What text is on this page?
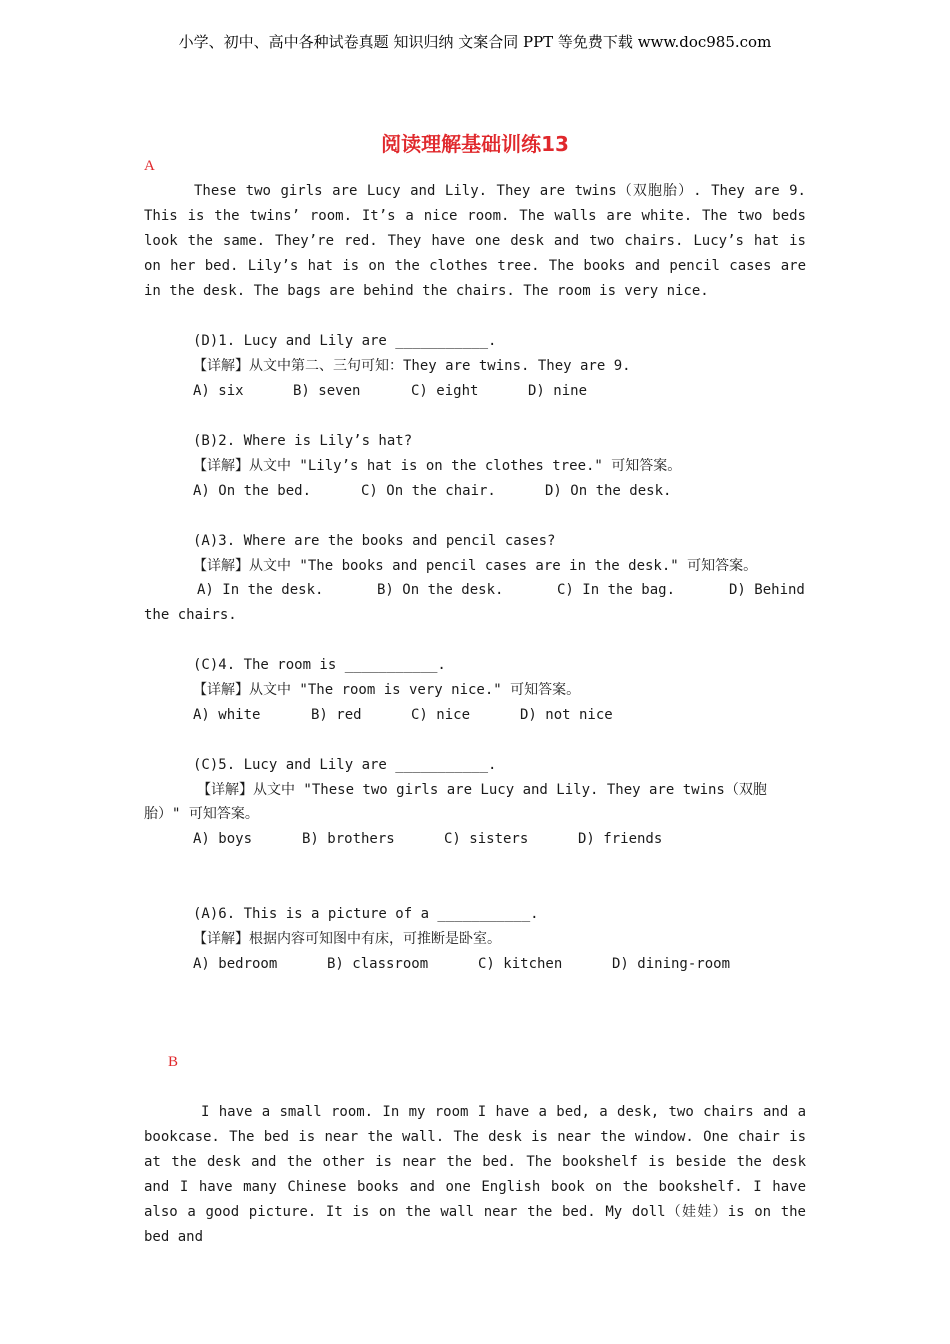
小学、初中、高中各种试卷真题 知识归纳 文案合同 PPT 等免费下载 www.doc985.com
阅读理解基础训练13
A

These two girls are Lucy and Lily. They are twins（双胞胎）. They are 9. This is the twins’ room. It’s a nice room. The walls are white. The two beds look the same. They’re red. They have one desk and two chairs. Lucy’s hat is on her bed. Lily’s hat is on the clothes tree. The books and pencil cases are in the desk. The bags are behind the chairs. The room is very nice.

(D)1. Lucy and Lily are ___________.
【详解】从文中第二、三句可知：They are twins. They are 9.
A) six	B) seven	C) eight	D) nine
(B)2. Where is Lily’s hat?
【详解】从文中 "Lily’s hat is on the clothes tree." 可知答案。
A) On the bed.	C) On the chair.	D) On the desk.
(A)3. Where are the books and pencil cases?
【详解】从文中 "The books and pencil cases are in the desk." 可知答案。
A) In the desk.	B) On the desk.	C) In the bag.	D) Behind
the chairs.
(C)4. The room is ___________.
【详解】从文中 "The room is very nice." 可知答案。
A) white	B) red	C) nice	D) not nice
(C)5. Lucy and Lily are ___________.
【详解】从文中 "These two girls are Lucy and Lily. They are twins（双胞
胎）" 可知答案。
A) boys	B) brothers	C) sisters	D) friends
(A)6. This is a picture of a ___________.
【详解】根据内容可知图中有床，可推断是卧室。
A) bedroom	B) classroom	C) kitchen	D) dining-room
B

I have a small room. In my room I have a bed, a desk, two chairs and a bookcase. The bed is near the wall. The desk is near the window. One chair is at the desk and the other is near the bed. The bookshelf is beside the desk and I have many Chinese books and one English book on the bookshelf. I have also a good picture. It is on the wall near the bed. My doll（娃娃）is on the bed and
